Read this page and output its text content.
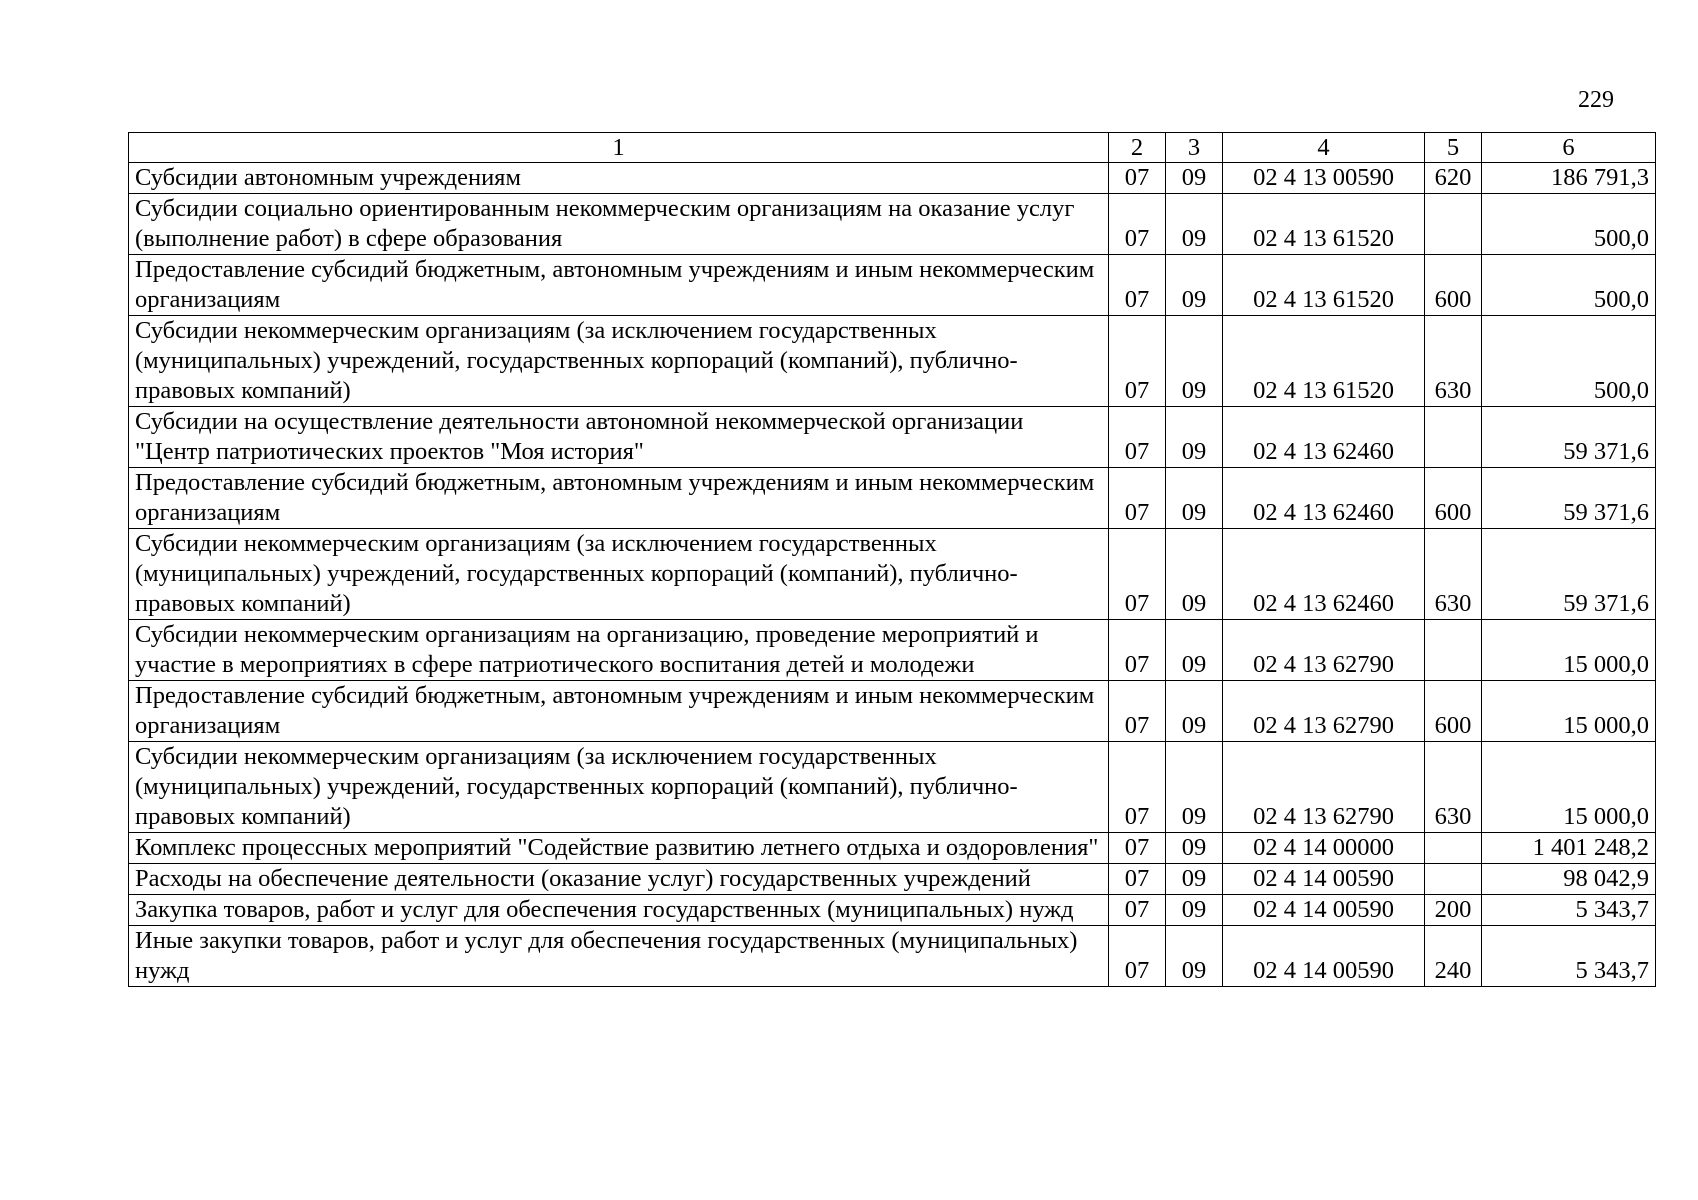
229
1	2	3	4	5	6
Субсидии автономным учреждениям	07	09	02 4 13 00590	620	186 791,3
Субсидии социально ориентированным некоммерческим организациям на оказание услуг (выполнение работ) в сфере образования	07	09	02 4 13 61520		500,0
Предоставление субсидий бюджетным, автономным учреждениям и иным некоммерческим организациям	07	09	02 4 13 61520	600	500,0
Субсидии некоммерческим организациям (за исключением государственных (муниципальных) учреждений, государственных корпораций (компаний), публично-правовых компаний)	07	09	02 4 13 61520	630	500,0
Субсидии на осуществление деятельности автономной некоммерческой организации "Центр патриотических проектов "Моя история"	07	09	02 4 13 62460		59 371,6
Предоставление субсидий бюджетным, автономным учреждениям и иным некоммерческим организациям	07	09	02 4 13 62460	600	59 371,6
Субсидии некоммерческим организациям (за исключением государственных (муниципальных) учреждений, государственных корпораций (компаний), публично-правовых компаний)	07	09	02 4 13 62460	630	59 371,6
Субсидии некоммерческим организациям на организацию, проведение мероприятий и участие в мероприятиях в сфере патриотического воспитания детей и молодежи	07	09	02 4 13 62790		15 000,0
Предоставление субсидий бюджетным, автономным учреждениям и иным некоммерческим организациям	07	09	02 4 13 62790	600	15 000,0
Субсидии некоммерческим организациям (за исключением государственных (муниципальных) учреждений, государственных корпораций (компаний), публично-правовых компаний)	07	09	02 4 13 62790	630	15 000,0
Комплекс процессных мероприятий "Содействие развитию летнего отдыха и оздоровления"	07	09	02 4 14 00000		1 401 248,2
Расходы на обеспечение деятельности (оказание услуг) государственных учреждений	07	09	02 4 14 00590		98 042,9
Закупка товаров, работ и услуг для обеспечения государственных (муниципальных) нужд	07	09	02 4 14 00590	200	5 343,7
Иные закупки товаров, работ и услуг для обеспечения государственных (муниципальных) нужд	07	09	02 4 14 00590	240	5 343,7
